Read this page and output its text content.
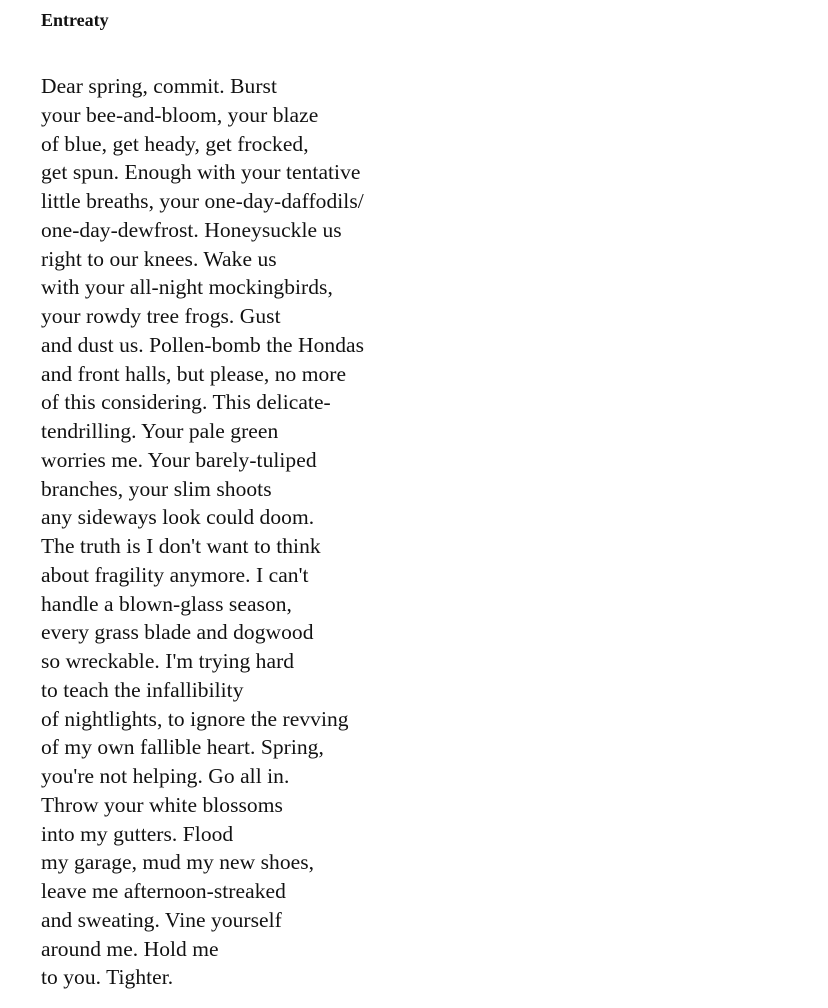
Entreaty
Dear spring, commit. Burst
your bee-and-bloom, your blaze
of blue, get heady, get frocked,
get spun. Enough with your tentative
little breaths, your one-day-daffodils/
one-day-dewfrost. Honeysuckle us
right to our knees. Wake us
with your all-night mockingbirds,
your rowdy tree frogs. Gust
and dust us. Pollen-bomb the Hondas
and front halls, but please, no more
of this considering. This delicate-
tendrilling. Your pale green
worries me. Your barely-tuliped
branches, your slim shoots
any sideways look could doom.
The truth is I don't want to think
about fragility anymore. I can't
handle a blown-glass season,
every grass blade and dogwood
so wreckable. I'm trying hard
to teach the infallibility
of nightlights, to ignore the revving
of my own fallible heart. Spring,
you're not helping. Go all in.
Throw your white blossoms
into my gutters. Flood
my garage, mud my new shoes,
leave me afternoon-streaked
and sweating. Vine yourself
around me. Hold me
to you. Tighter.
